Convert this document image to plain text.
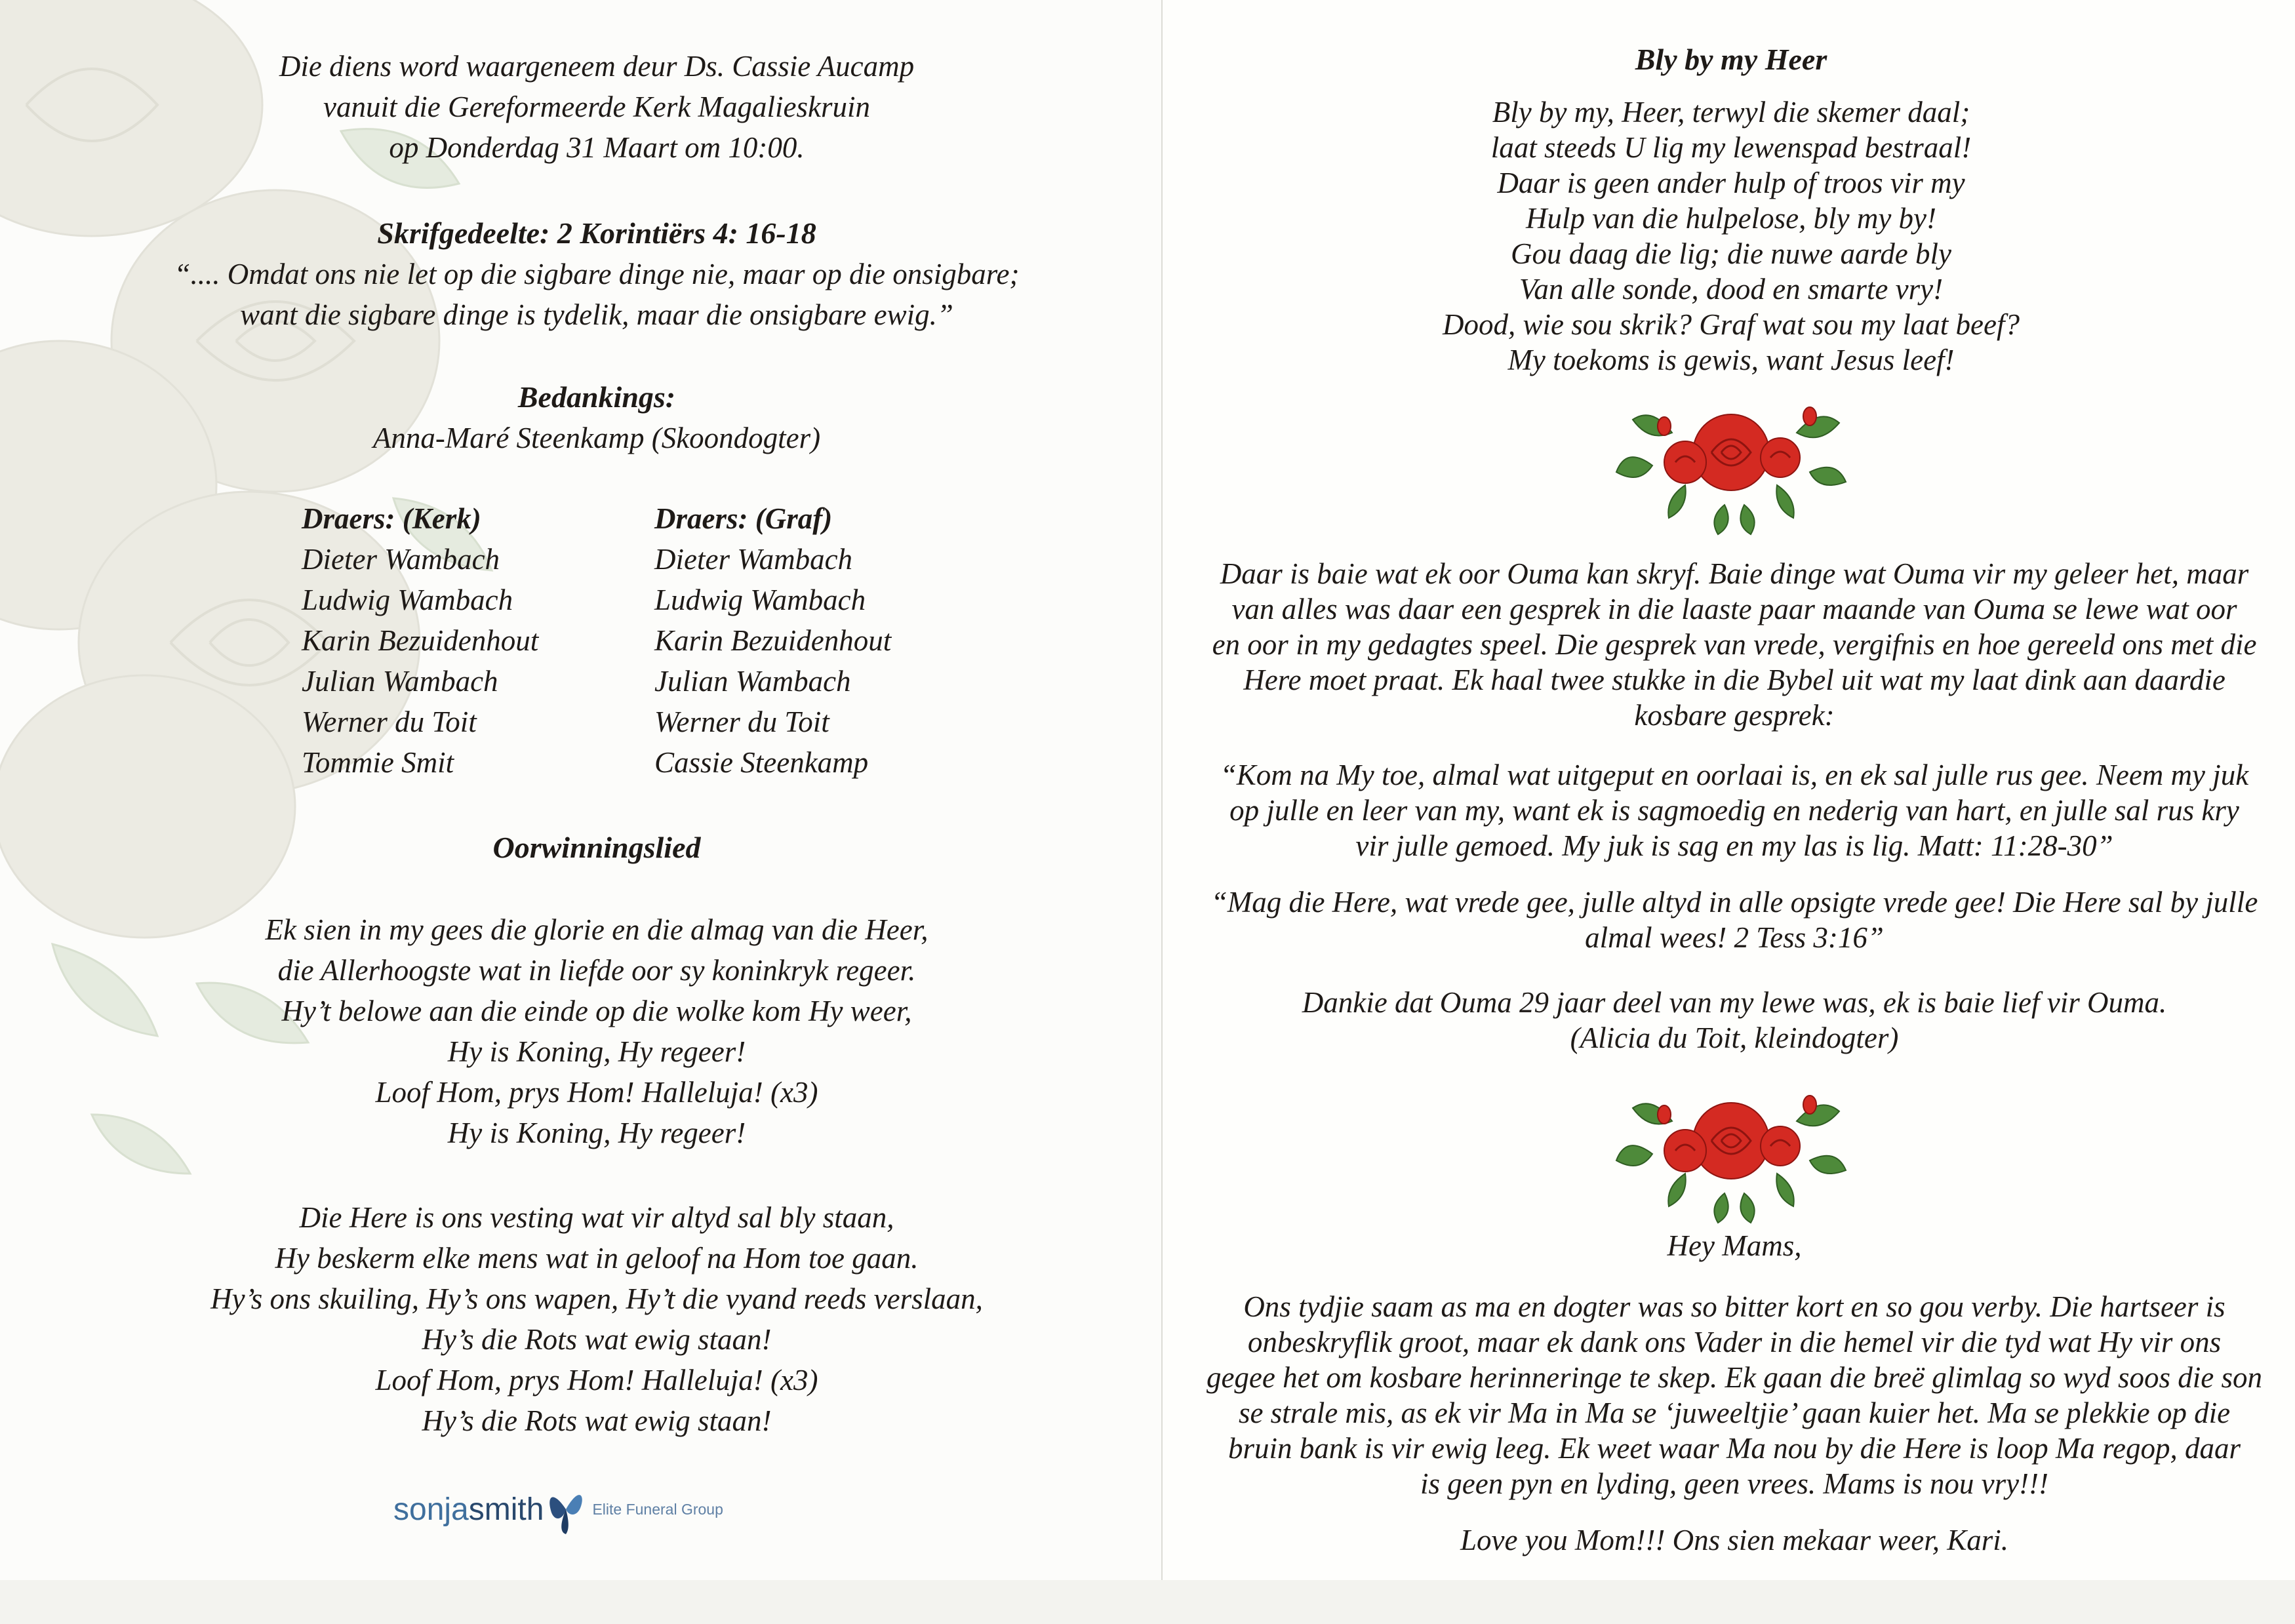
Die diens word waargeneem deur Ds. Cassie Aucamp
vanuit die Gereformeerde Kerk Magalieskruin
op Donderdag 31 Maart om 10:00.
Skrifgedeelte: 2 Korintiërs 4: 16-18
“.... Omdat ons nie let op die sigbare dinge nie, maar op die onsigbare;
want die sigbare dinge is tydelik, maar die onsigbare ewig.”
Bedankings:
Anna-Maré Steenkamp (Skoondogter)
Draers: (Kerk)
Dieter Wambach
Ludwig Wambach
Karin Bezuidenhout
Julian Wambach
Werner du Toit
Tommie Smit
Draers: (Graf)
Dieter Wambach
Ludwig Wambach
Karin Bezuidenhout
Julian Wambach
Werner du Toit
Cassie Steenkamp
Oorwinningslied
Ek sien in my gees die glorie en die almag van die Heer,
die Allerhoogste wat in liefde oor sy koninkryk regeer.
Hy’t belowe aan die einde op die wolke kom Hy weer,
Hy is Koning, Hy regeer!
Loof Hom, prys Hom! Halleluja! (x3)
Hy is Koning, Hy regeer!
Die Here is ons vesting wat vir altyd sal bly staan,
Hy beskerm elke mens wat in geloof na Hom toe gaan.
Hy’s ons skuiling, Hy’s ons wapen, Hy’t die vyand reeds verslaan,
Hy’s die Rots wat ewig staan!
Loof Hom, prys Hom! Halleluja! (x3)
Hy’s die Rots wat ewig staan!
sonjasmith	Elite Funeral Group
Bly by my Heer
Bly by my, Heer, terwyl die skemer daal;
laat steeds U lig my lewenspad bestraal!
Daar is geen ander hulp of troos vir my
Hulp van die hulpelose, bly my by!
Gou daag die lig; die nuwe aarde bly
Van alle sonde, dood en smarte vry!
Dood, wie sou skrik? Graf wat sou my laat beef?
My toekoms is gewis, want Jesus leef!
Daar is baie wat ek oor Ouma kan skryf. Baie dinge wat Ouma vir my geleer het, maar
van alles was daar een gesprek in die laaste paar maande van Ouma se lewe wat oor
en oor in my gedagtes speel. Die gesprek van vrede, vergifnis en hoe gereeld ons met die
Here moet praat. Ek haal twee stukke in die Bybel uit wat my laat dink aan daardie
kosbare gesprek:
“Kom na My toe, almal wat uitgeput en oorlaai is, en ek sal julle rus gee. Neem my juk
op julle en leer van my, want ek is sagmoedig en nederig van hart, en julle sal rus kry
vir julle gemoed. My juk is sag en my las is lig. Matt: 11:28-30”
“Mag die Here, wat vrede gee, julle altyd in alle opsigte vrede gee! Die Here sal by julle
almal wees! 2 Tess 3:16”
Dankie dat Ouma 29 jaar deel van my lewe was, ek is baie lief vir Ouma.
(Alicia du Toit, kleindogter)
Hey Mams,
Ons tydjie saam as ma en dogter was so bitter kort en so gou verby. Die hartseer is
onbeskryflik groot, maar ek dank ons Vader in die hemel vir die tyd wat Hy vir ons
gegee het om kosbare herinneringe te skep. Ek gaan die breë glimlag so wyd soos die son
se strale mis, as ek vir Ma in Ma se ‘juweeltjie’ gaan kuier het. Ma se plekkie op die
bruin bank is vir ewig leeg. Ek weet waar Ma nou by die Here is loop Ma regop, daar
is geen pyn en lyding, geen vrees. Mams is nou vry!!!
Love you Mom!!! Ons sien mekaar weer, Kari.
